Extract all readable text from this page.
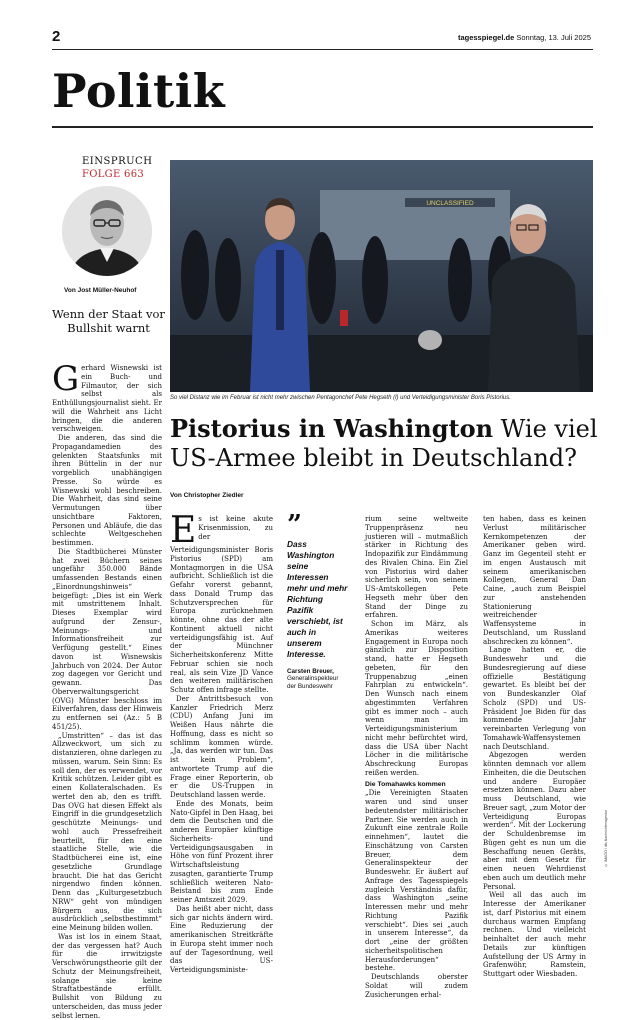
2	tagesspiegel.de Sonntag, 13. Juli 2025
Politik
EINSPRUCH
FOLGE 663
Von Jost Müller-Neuhof
Wenn der Staat vor Bullshit warnt

Gerhard Wisnewski ist ein Buch- und Filmautor, der sich selbst als Enthüllungsjournalist sieht. Er will die Wahrheit ans Licht bringen, die die anderen verschweigen.

Die anderen, das sind die Propagandamedien des gelenkten Staatsfunks mit ihren Büttelin in der nur vorgeblich unabhängigen Presse. So würde es Wisnewski wohl beschreiben. Die Wahrheit, das sind seine Vermutungen über unsichtbare Faktoren, Personen und Abläufe, die das schlechte Weltgeschehen bestimmen.

Die Stadtbücherei Münster hat zwei Büchern seines ungefähr 350.000 Bände umfassenden Bestands einen „Einordnungshinweis“ beigefügt: „Dies ist ein Werk mit umstrittenem Inhalt. Dieses Exemplar wird aufgrund der Zensur-, Meinungs- und Informationsfreiheit zur Verfügung gestellt.“ Eines davon ist Wisnewskis Jahrbuch von 2024. Der Autor zog dagegen vor Gericht und gewann. Das Oberverwaltungsgericht (OVG) Münster beschloss im Eilverfahren, dass der Hinweis zu entfernen sei (Az.: 5 B 451/25).

„Umstritten“ – das ist das Allzweckwort, um sich zu distanzieren, ohne darlegen zu müssen, warum. Sein Sinn: Es soll den, der es verwendet, vor Kritik schützen. Leider gibt es einen Kollateralschaden. Es wertet den ab, den es trifft. Das OVG hat diesen Effekt als Eingriff in die grundgesetzlich geschützte Meinungs- und wohl auch Pressefreiheit beurteilt, für den eine staatliche Stelle, wie die Stadtbücherei eine ist, eine gesetzliche Grundlage braucht. Die hat das Gericht nirgendwo finden können. Denn das „Kulturgesetzbuch NRW“ geht von mündigen Bürgern aus, die sich ausdrücklich „selbstbestimmt“ eine Meinung bilden wollen.

Was ist los in einem Staat, der das vergessen hat? Auch für die irrwitzigste Verschwörungstheorie gilt der Schutz der Meinungsfreiheit, solange sie keine Straftatbestände erfüllt. Bullshit von Bildung zu unterscheiden, das muss jeder selbst lernen.

UNCLASSIFIED
So viel Distanz wie im Februar ist nicht mehr zwischen Pentagonchef Pete Hegseth (l) und Verteidigungsminister Boris Pistorius.
Pistorius in Washington Wie viel US-Armee bleibt in Deutschland?
Von Christopher Ziedler

Es ist keine akute Krisenmission, zu der Verteidigungsminister Boris Pistorius (SPD) am Montagmorgen in die USA aufbricht. Schließlich ist die Gefahr vorerst gebannt, dass Donald Trump das Schutzversprechen für Europa zurücknehmen könnte, ohne das der alte Kontinent aktuell nicht verteidigungsfähig ist. Auf der Münchner Sicherheitskonferenz Mitte Februar schien sie noch real, als sein Vize JD Vance den weiteren militärischen Schutz offen infrage stellte.

Der Antrittsbesuch von Kanzler Friedrich Merz (CDU) Anfang Juni im Weißen Haus nährte die Hoffnung, dass es nicht so schlimm kommen würde. „Ja, das werden wir tun. Das ist kein Problem“, antwortete Trump auf die Frage einer Reporterin, ob er die US-Truppen in Deutschland lassen werde.

Ende des Monats, beim Nato-Gipfel in Den Haag, bei dem die Deutschen und die anderen Europäer künftige Sicherheits- und Verteidigungsausgaben in Höhe von fünf Prozent ihrer Wirtschaftsleistung zusagten, garantierte Trump schließlich weiteren Nato-Beistand bis zum Ende seiner Amtszeit 2029.

Das heißt aber nicht, dass sich gar nichts ändern wird. Eine Reduzierung der amerikanischen Streitkräfte in Europa steht immer noch auf der Tagesordnung, weil das US-Verteidigungsministe-

”
Dass Washington seine Interessen mehr und mehr Richtung Pazifik verschiebt, ist auch in unserem Interesse.
Carsten Breuer,
Generalinspekteur der Bundeswehr

rium seine weltweite Truppenpräsenz neu justieren will – mutmaßlich stärker in Richtung des Indopazifik zur Eindämmung des Rivalen China. Ein Ziel von Pistorius wird daher sicherlich sein, von seinem US-Amtskollegen Pete Hegseth mehr über den Stand der Dinge zu erfahren.

Schon im März, als Amerikas weiteres Engagement in Europa noch gänzlich zur Disposition stand, hatte er Hegseth gebeten, für den Truppenabzug „einen Fahrplan zu entwickeln“. Den Wunsch nach einem abgestimmten Verfahren gibt es immer noch – auch wenn man im Verteidigungsministerium nicht mehr befürchtet wird, dass die USA über Nacht Löcher in die militärische Abschreckung Europas reißen werden.

Die Tomahawks kommen

„Die Vereinigten Staaten waren und sind unser bedeutendster militärischer Partner. Sie werden auch in Zukunft eine zentrale Rolle einnehmen“, lautet die Einschätzung von Carsten Breuer, dem Generalinspekteur der Bundeswehr. Er äußert auf Anfrage des Tagesspiegels zugleich Verständnis dafür, dass Washington „seine Interessen mehr und mehr Richtung Pazifik verschiebt“. Dies sei „auch in unserem Interesse“, da dort „eine der größten sicherheitspolitischen Herausforderungen“ bestehe.

Deutschlands oberster Soldat will zudem Zusicherungen erhal-

ten haben, dass es keinen Verlust militärischer Kernkompetenzen der Amerikaner geben wird. Ganz im Gegenteil steht er im engen Austausch mit seinem amerikanischen Kollegen, General Dan Caine, „auch zum Beispiel zur anstehenden Stationierung weitreichender Waffensysteme in Deutschland, um Russland abschrecken zu können“.

Lange hatten er, die Bundeswehr und die Bundesregierung auf diese offizielle Bestätigung gewartet. Es bleibt bei der von Bundeskanzler Olaf Scholz (SPD) und US-Präsident Joe Biden für das kommende Jahr vereinbarten Verlegung von Tomahawk-Waffensystemen nach Deutschland.

Abgezogen werden könnten demnach vor allem Einheiten, die die Deutschen und andere Europäer ersetzen können. Dazu aber muss Deutschland, wie Breuer sagt, „zum Motor der Verteidigung Europas werden“. Mit der Lockerung der Schuldenbremse im Bügen geht es nun um die Beschaffung neuen Geräts, aber mit dem Gesetz für einen neuen Wehrdienst eben auch um deutlich mehr Personal.

Weil all das auch im Interesse der Amerikaner ist, darf Pistorius mit einem durchaus warmen Empfang rechnen. Und vielleicht beinhaltet der auch mehr Details zur künftigen Aufstellung der US Army in Grafenwöhr, Ramstein, Stuttgart oder Wiesbaden.

© IMAGO / dts Nachrichtenagentur
